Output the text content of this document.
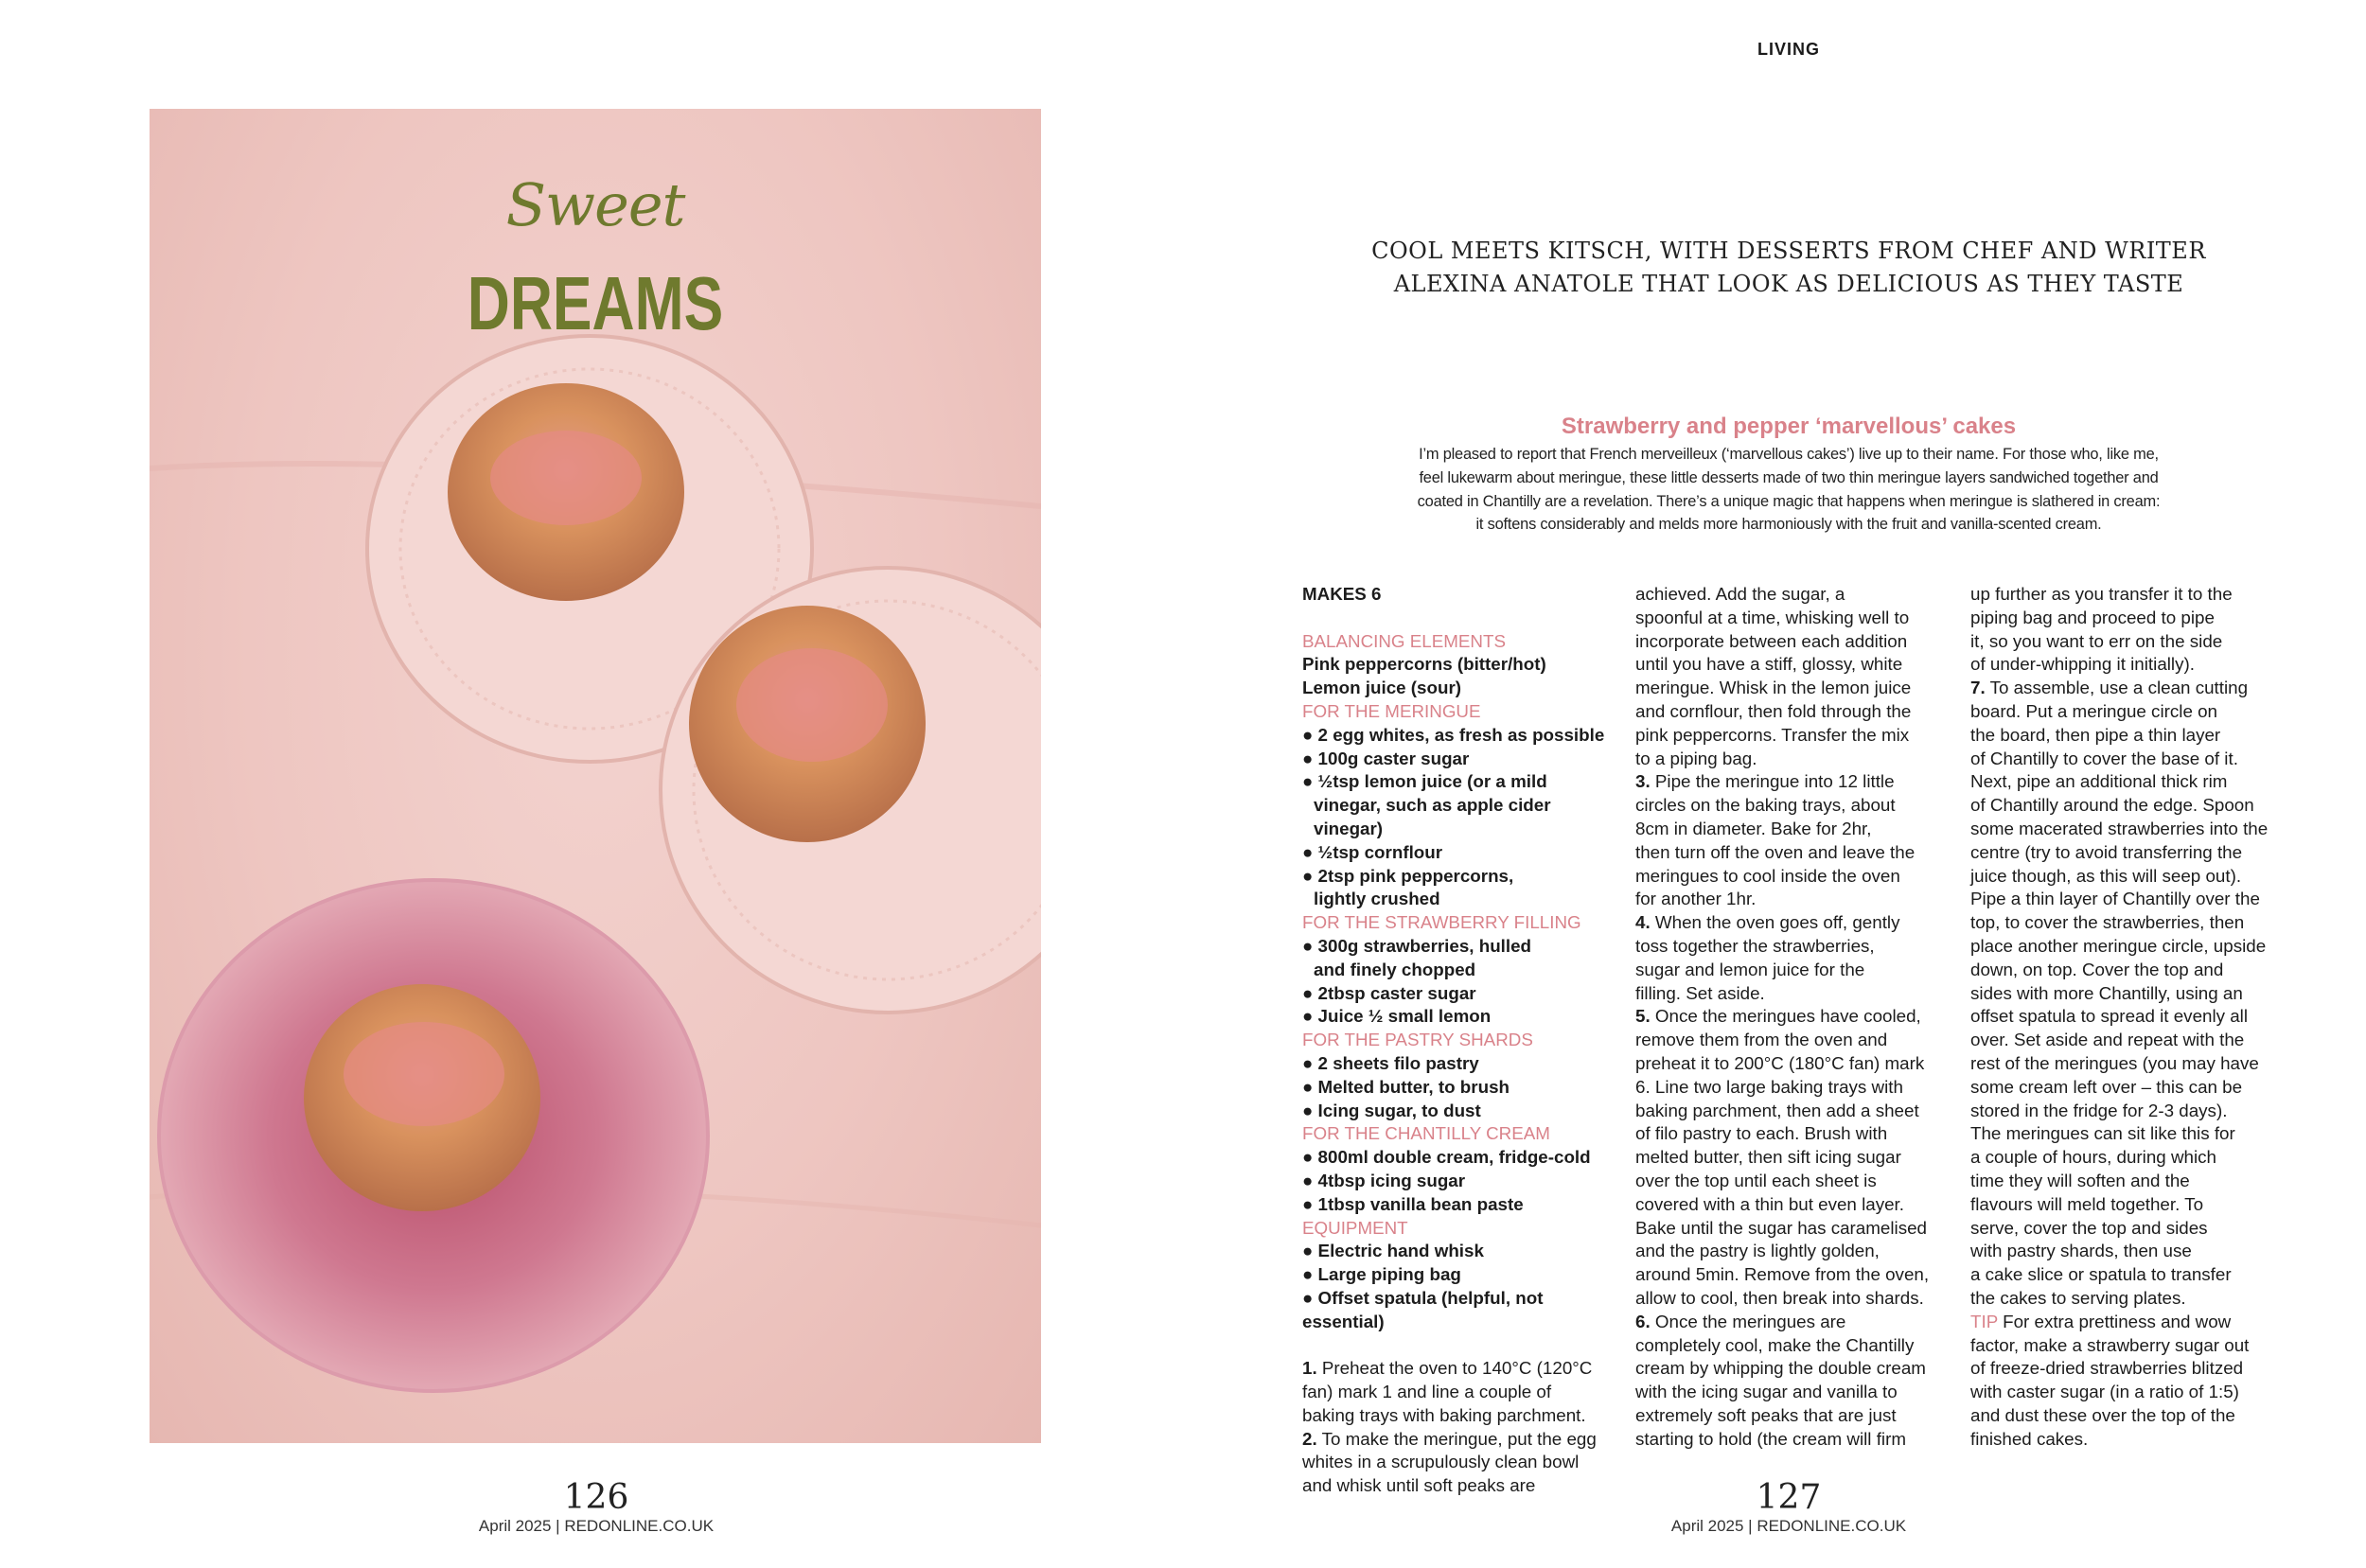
Sweet
DREAMS
126
April 2025 | REDONLINE.CO.UK
LIVING
COOL MEETS KITSCH, WITH DESSERTS FROM CHEF AND WRITER
ALEXINA ANATOLE THAT LOOK AS DELICIOUS AS THEY TASTE
Strawberry and pepper ‘marvellous’ cakes
I’m pleased to report that French merveilleux (‘marvellous cakes’) live up to their name. For those who, like me,
feel lukewarm about meringue, these little desserts made of two thin meringue layers sandwiched together and
coated in Chantilly are a revelation. There’s a unique magic that happens when meringue is slathered in cream:
it softens considerably and melds more harmoniously with the fruit and vanilla-scented cream.

MAKES 6

BALANCING ELEMENTS

Pink peppercorns (bitter/hot)

Lemon juice (sour)

FOR THE MERINGUE

● 2 egg whites, as fresh as possible

● 100g caster sugar

● ½tsp lemon juice (or a mild

vinegar, such as apple cider vinegar)

● ½tsp cornflour

● 2tsp pink peppercorns,

lightly crushed

FOR THE STRAWBERRY FILLING

● 300g strawberries, hulled

and finely chopped

● 2tbsp caster sugar

● Juice ½ small lemon

FOR THE PASTRY SHARDS

● 2 sheets filo pastry

● Melted butter, to brush

● Icing sugar, to dust

FOR THE CHANTILLY CREAM

● 800ml double cream, fridge-cold

● 4tbsp icing sugar

● 1tbsp vanilla bean paste

EQUIPMENT

● Electric hand whisk

● Large piping bag

● Offset spatula (helpful, not essential)

1. Preheat the oven to 140°C (120°C

fan) mark 1 and line a couple of

baking trays with baking parchment.

2. To make the meringue, put the egg

whites in a scrupulously clean bowl

and whisk until soft peaks are

achieved. Add the sugar, a

spoonful at a time, whisking well to

incorporate between each addition

until you have a stiff, glossy, white

meringue. Whisk in the lemon juice

and cornflour, then fold through the

pink peppercorns. Transfer the mix

to a piping bag.

3. Pipe the meringue into 12 little

circles on the baking trays, about

8cm in diameter. Bake for 2hr,

then turn off the oven and leave the

meringues to cool inside the oven

for another 1hr.

4. When the oven goes off, gently

toss together the strawberries,

sugar and lemon juice for the

filling. Set aside.

5. Once the meringues have cooled,

remove them from the oven and

preheat it to 200°C (180°C fan) mark

6. Line two large baking trays with

baking parchment, then add a sheet

of filo pastry to each. Brush with

melted butter, then sift icing sugar

over the top until each sheet is

covered with a thin but even layer.

Bake until the sugar has caramelised

and the pastry is lightly golden,

around 5min. Remove from the oven,

allow to cool, then break into shards.

6. Once the meringues are

completely cool, make the Chantilly

cream by whipping the double cream

with the icing sugar and vanilla to

extremely soft peaks that are just

starting to hold (the cream will firm

up further as you transfer it to the

piping bag and proceed to pipe

it, so you want to err on the side

of under-whipping it initially).

7. To assemble, use a clean cutting

board. Put a meringue circle on

the board, then pipe a thin layer

of Chantilly to cover the base of it.

Next, pipe an additional thick rim

of Chantilly around the edge. Spoon

some macerated strawberries into the

centre (try to avoid transferring the

juice though, as this will seep out).

Pipe a thin layer of Chantilly over the

top, to cover the strawberries, then

place another meringue circle, upside

down, on top. Cover the top and

sides with more Chantilly, using an

offset spatula to spread it evenly all

over. Set aside and repeat with the

rest of the meringues (you may have

some cream left over – this can be

stored in the fridge for 2-3 days).

The meringues can sit like this for

a couple of hours, during which

time they will soften and the

flavours will meld together. To

serve, cover the top and sides

with pastry shards, then use

a cake slice or spatula to transfer

the cakes to serving plates.

TIP For extra prettiness and wow

factor, make a strawberry sugar out

of freeze-dried strawberries blitzed

with caster sugar (in a ratio of 1:5)

and dust these over the top of the

finished cakes.

127
April 2025 | REDONLINE.CO.UK
